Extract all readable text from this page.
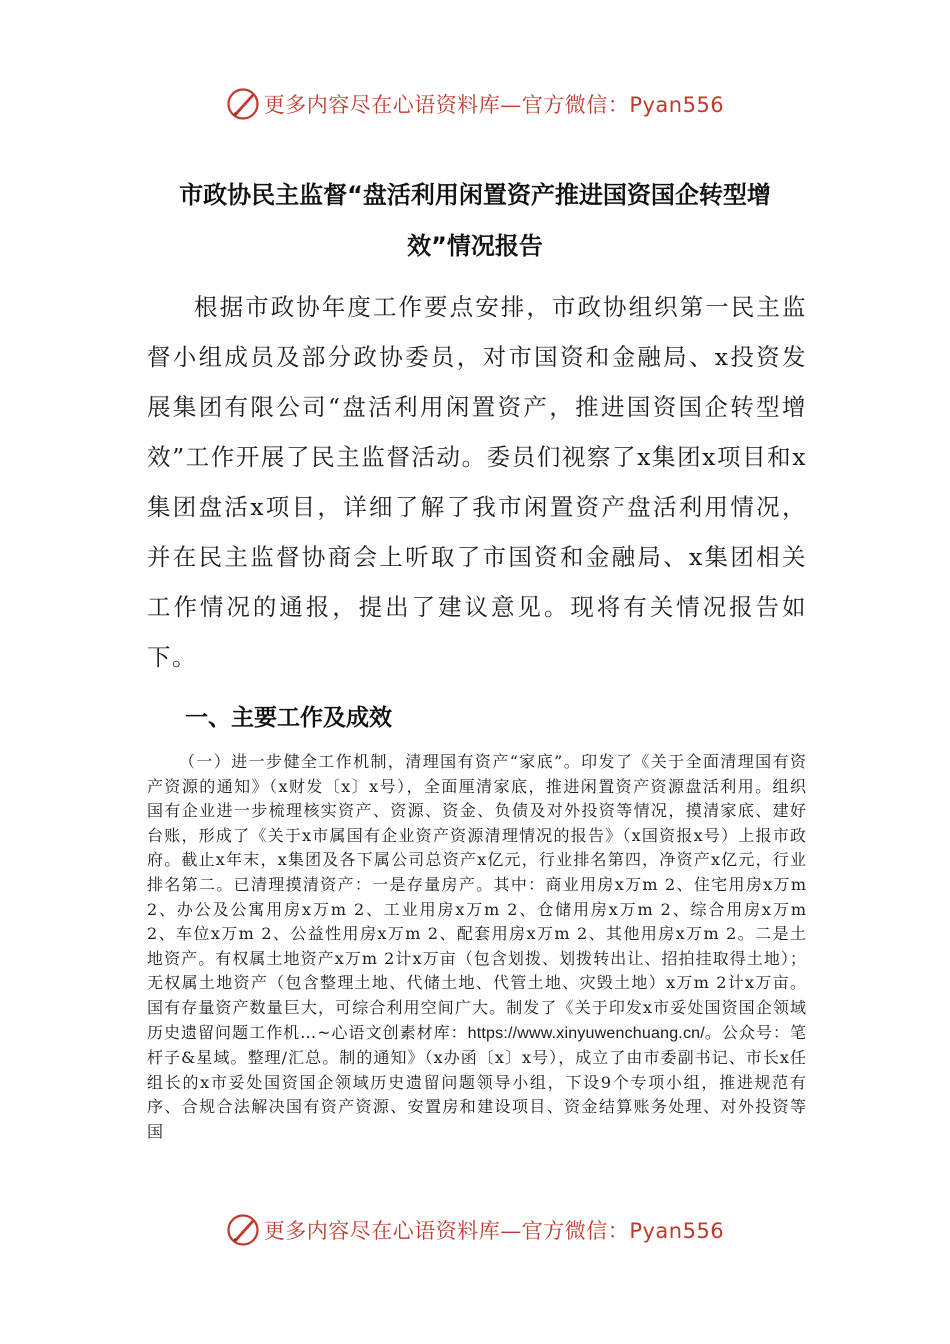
更多内容尽在心语资料库—官方微信：Pyan556
市政协民主监督“盘活利用闲置资产推进国资国企转型增效”情况报告

根据市政协年度工作要点安排，市政协组织第一民主监督小组成员及部分政协委员，对市国资和金融局、x投资发展集团有限公司“盘活利用闲置资产，推进国资国企转型增效”工作开展了民主监督活动。委员们视察了x集团x项目和x集团盘活x项目，详细了解了我市闲置资产盘活利用情况，并在民主监督协商会上听取了市国资和金融局、x集团相关工作情况的通报，提出了建议意见。现将有关情况报告如下。

一、主要工作及成效

（一）进一步健全工作机制，清理国有资产“家底”。印发了《关于全面清理国有资产资源的通知》（x财发〔x〕x号），全面厘清家底，推进闲置资产资源盘活利用。组织国有企业进一步梳理核实资产、资源、资金、负债及对外投资等情况，摸清家底、建好台账，形成了《关于x市属国有企业资产资源清理情况的报告》（x国资报x号）上报市政府。截止x年末，x集团及各下属公司总资产x亿元，行业排名第四，净资产x亿元，行业排名第二。已清理摸清资产：一是存量房产。其中：商业用房x万m 2、住宅用房x万m 2、办公及公寓用房x万m 2、工业用房x万m 2、仓储用房x万m 2、综合用房x万m 2、车位x万m 2、公益性用房x万m 2、配套用房x万m 2、其他用房x万m 2。二是土地资产。有权属土地资产x万m 2计x万亩（包含划拨、划拨转出让、招拍挂取得土地）；无权属土地资产（包含整理土地、代储土地、代管土地、灾毁土地）x万m 2计x万亩。国有存量资产数量巨大，可综合利用空间广大。制发了《关于印发x市妥处国资国企领域历史遗留问题工作机…~心语文创素材库：https://www.xinyuwenchuang.cn/。公众号：笔杆子&星域。整理/汇总。制的通知》（x办函〔x〕x号），成立了由市委副书记、市长x任组长的x市妥处国资国企领域历史遗留问题领导小组，下设9个专项小组，推进规范有序、合规合法解决国有资产资源、安置房和建设项目、资金结算账务处理、对外投资等国

更多内容尽在心语资料库—官方微信：Pyan556
